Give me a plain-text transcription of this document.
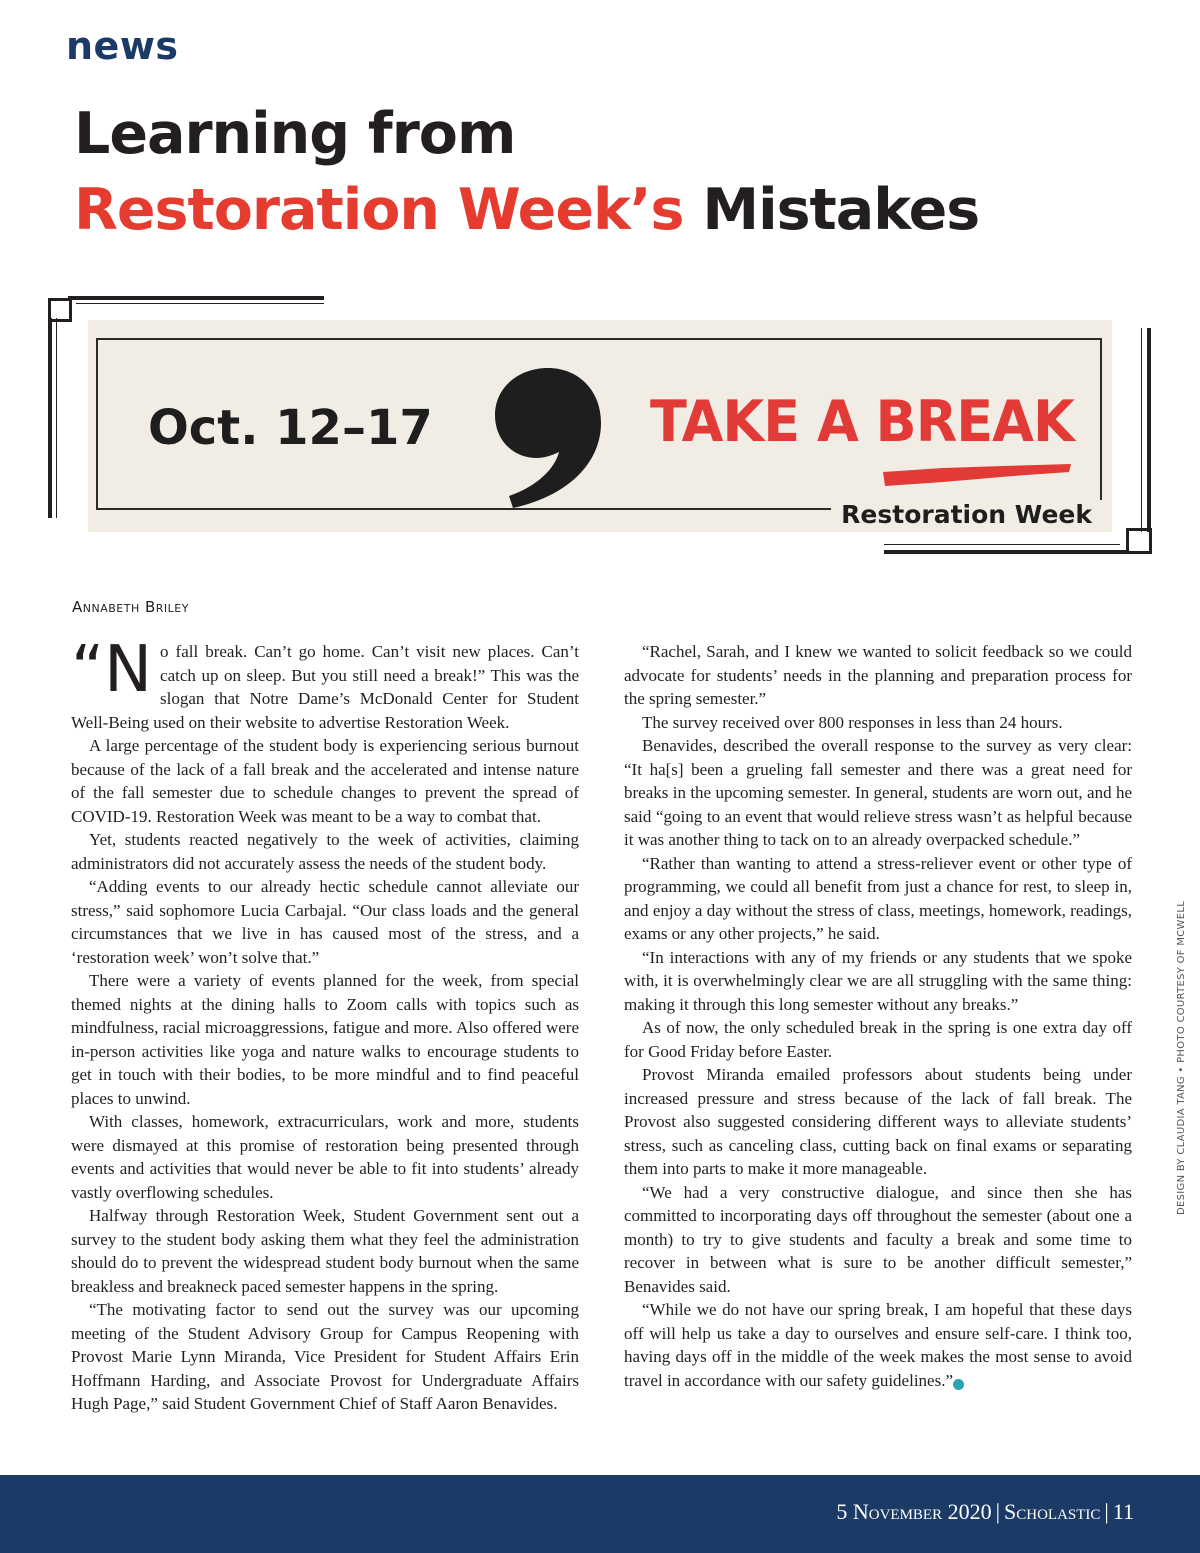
news
Learning from
Restoration Week’s Mistakes
Oct. 12–17	TAKE A BREAK
Restoration Week
Annabeth Briley

“N o fall break. Can’t go home. Can’t visit new places. Can’t catch up on sleep. But you still need a break!” This was the slogan that Notre Dame’s McDonald Center for Student Well-Being used on their website to advertise Restoration Week.

A large percentage of the student body is experiencing serious burnout because of the lack of a fall break and the accelerated and intense nature of the fall semester due to schedule changes to prevent the spread of COVID-19. Restoration Week was meant to be a way to combat that.

Yet, students reacted negatively to the week of activities, claiming administrators did not accurately assess the needs of the student body.

“Adding events to our already hectic schedule cannot alleviate our stress,” said sophomore Lucia Carbajal. “Our class loads and the general circumstances that we live in has caused most of the stress, and a ‘restoration week’ won’t solve that.”

There were a variety of events planned for the week, from special themed nights at the dining halls to Zoom calls with topics such as mindfulness, racial microaggressions, fatigue and more. Also offered were in-person activities like yoga and nature walks to encourage students to get in touch with their bodies, to be more mindful and to find peaceful places to unwind.

With classes, homework, extracurriculars, work and more, students were dismayed at this promise of restoration being presented through events and activities that would never be able to fit into students’ already vastly overflowing schedules.

Halfway through Restoration Week, Student Government sent out a survey to the student body asking them what they feel the administration should do to prevent the widespread student body burnout when the same breakless and breakneck paced semester happens in the spring.

“The motivating factor to send out the survey was our upcoming meeting of the Student Advisory Group for Campus Reopening with Provost Marie Lynn Miranda, Vice President for Student Affairs Erin Hoffmann Harding, and Associate Provost for Undergraduate Affairs Hugh Page,” said Student Government Chief of Staff Aaron Benavides.

“Rachel, Sarah, and I knew we wanted to solicit feedback so we could advocate for students’ needs in the planning and preparation process for the spring semester.”

The survey received over 800 responses in less than 24 hours.

Benavides, described the overall response to the survey as very clear: “It ha[s] been a grueling fall semester and there was a great need for breaks in the upcoming semester. In general, students are worn out, and he said “going to an event that would relieve stress wasn’t as helpful because it was another thing to tack on to an already overpacked schedule.”

“Rather than wanting to attend a stress-reliever event or other type of programming, we could all benefit from just a chance for rest, to sleep in, and enjoy a day without the stress of class, meetings, homework, readings, exams or any other projects,” he said.

“In interactions with any of my friends or any students that we spoke with, it is overwhelmingly clear we are all struggling with the same thing: making it through this long semester without any breaks.”

As of now, the only scheduled break in the spring is one extra day off for Good Friday before Easter.

Provost Miranda emailed professors about students being under increased pressure and stress because of the lack of fall break. The Provost also suggested considering different ways to alleviate students’ stress, such as canceling class, cutting back on final exams or separating them into parts to make it more manageable.

“We had a very constructive dialogue, and since then she has committed to incorporating days off throughout the semester (about one a month) to try to give students and faculty a break and some time to recover in between what is sure to be another difficult semester,” Benavides said.

“While we do not have our spring break, I am hopeful that these days off will help us take a day to ourselves and ensure self-care. I think too, having days off in the middle of the week makes the most sense to avoid travel in accordance with our safety guidelines.” s

DESIGN BY CLAUDIA TANG • PHOTO COURTESY OF MCWELL
5 November 2020 | Scholastic | 11
